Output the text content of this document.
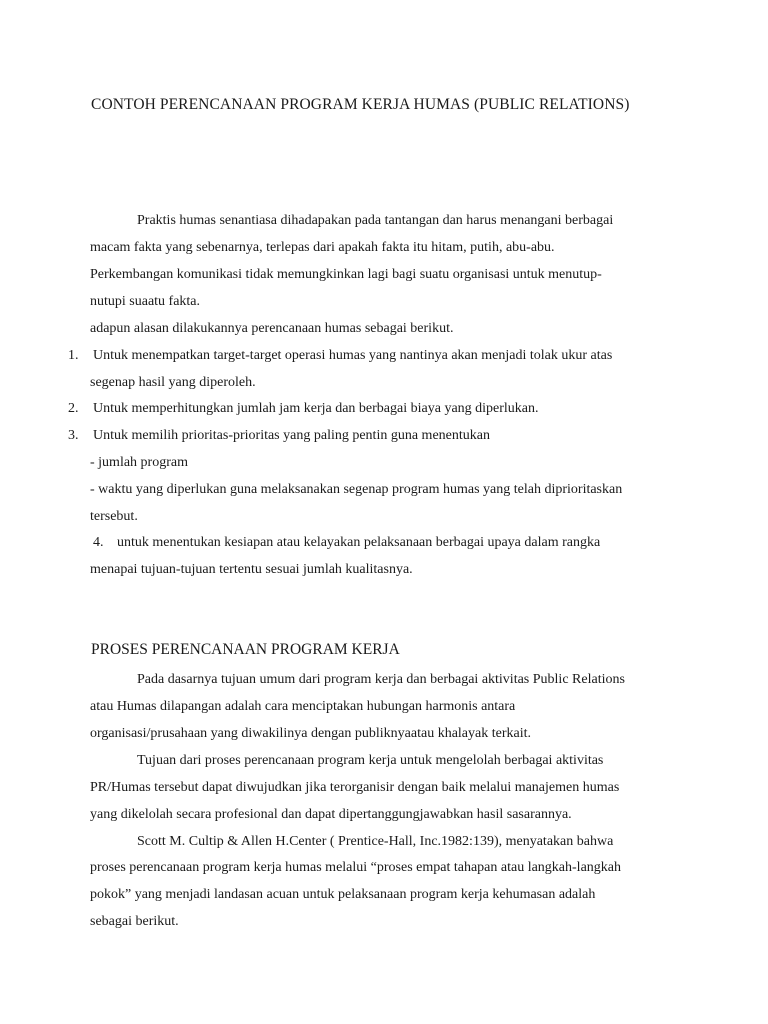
CONTOH PERENCANAAN PROGRAM KERJA HUMAS (PUBLIC RELATIONS)

Praktis humas senantiasa dihadapakan pada tantangan dan harus menangani berbagai

macam fakta yang sebenarnya, terlepas dari apakah fakta itu hitam, putih, abu-abu.

Perkembangan komunikasi tidak memungkinkan lagi bagi suatu organisasi untuk menutup-

nutupi suaatu fakta.

adapun alasan dilakukannya perencanaan humas sebagai berikut.

1. Untuk menempatkan target-target operasi humas yang nantinya akan menjadi tolak ukur atas

segenap hasil yang diperoleh.

2. Untuk memperhitungkan jumlah jam kerja dan berbagai biaya yang diperlukan.

3. Untuk memilih prioritas-prioritas yang paling pentin guna menentukan

- jumlah program

- waktu yang diperlukan guna melaksanakan segenap program humas yang telah diprioritaskan

tersebut.

4. untuk menentukan kesiapan atau kelayakan pelaksanaan berbagai upaya dalam rangka

menapai tujuan-tujuan tertentu sesuai jumlah kualitasnya.

PROSES PERENCANAAN PROGRAM KERJA

Pada dasarnya tujuan umum dari program kerja dan berbagai aktivitas Public Relations

atau Humas dilapangan adalah cara menciptakan hubungan harmonis antara

organisasi/prusahaan yang diwakilinya dengan publiknyaatau khalayak terkait.

Tujuan dari proses perencanaan program kerja untuk mengelolah berbagai aktivitas

PR/Humas tersebut dapat diwujudkan jika terorganisir dengan baik melalui manajemen humas

yang dikelolah secara profesional dan dapat dipertanggungjawabkan hasil sasarannya.

Scott M. Cultip & Allen H.Center ( Prentice-Hall, Inc.1982:139), menyatakan bahwa

proses perencanaan program kerja humas melalui “proses empat tahapan atau langkah-langkah

pokok” yang menjadi landasan acuan untuk pelaksanaan program kerja kehumasan adalah

sebagai berikut.
